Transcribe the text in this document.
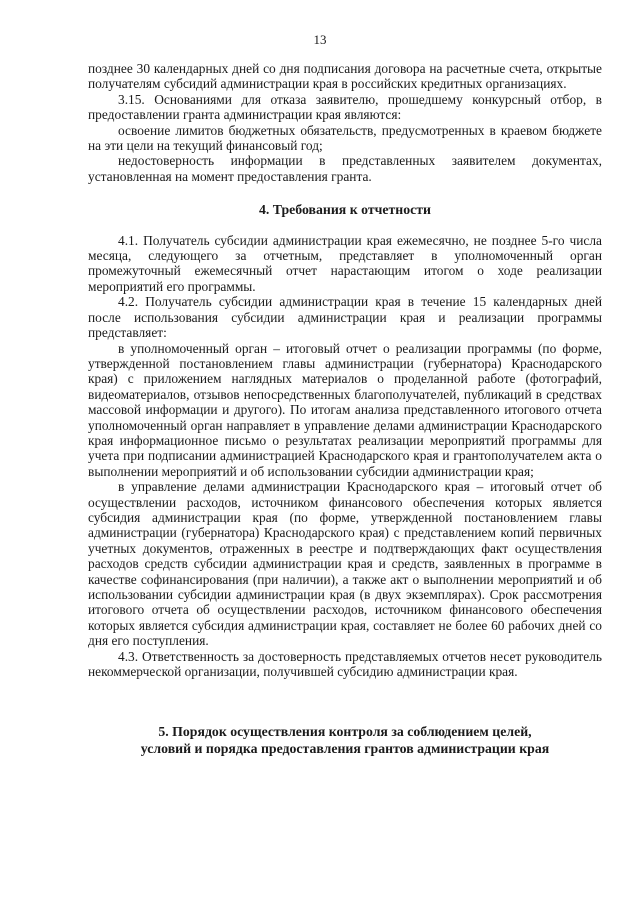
13

позднее 30 календарных дней со дня подписания договора на расчетные счета, открытые получателям субсидий администрации края в российских кредитных организациях.

3.15. Основаниями для отказа заявителю, прошедшему конкурсный отбор, в предоставлении гранта администрации края являются:

освоение лимитов бюджетных обязательств, предусмотренных в краевом бюджете на эти цели на текущий финансовый год;

недостоверность информации в представленных заявителем документах, установленная на момент предоставления гранта.

4. Требования к отчетности

4.1. Получатель субсидии администрации края ежемесячно, не позднее 5-го числа месяца, следующего за отчетным, представляет в уполномоченный орган промежуточный ежемесячный отчет нарастающим итогом о ходе реализации мероприятий его программы.

4.2. Получатель субсидии администрации края в течение 15 календарных дней после использования субсидии администрации края и реализации программы представляет:

в уполномоченный орган – итоговый отчет о реализации программы (по форме, утвержденной постановлением главы администрации (губернатора) Краснодарского края) с приложением наглядных материалов о проделанной работе (фотографий, видеоматериалов, отзывов непосредственных благополучателей, публикаций в средствах массовой информации и другого). По итогам анализа представленного итогового отчета уполномоченный орган направляет в управление делами администрации Краснодарского края информационное письмо о результатах реализации мероприятий программы для учета при подписании администрацией Краснодарского края и грантополучателем акта о выполнении мероприятий и об использовании субсидии администрации края;

в управление делами администрации Краснодарского края – итоговый отчет об осуществлении расходов, источником финансового обеспечения которых является субсидия администрации края (по форме, утвержденной постановлением главы администрации (губернатора) Краснодарского края) с представлением копий первичных учетных документов, отраженных в реестре и подтверждающих факт осуществления расходов средств субсидии администрации края и средств, заявленных в программе в качестве софинансирования (при наличии), а также акт о выполнении мероприятий и об использовании субсидии администрации края (в двух экземплярах). Срок рассмотрения итогового отчета об осуществлении расходов, источником финансового обеспечения которых является субсидия администрации края, составляет не более 60 рабочих дней со дня его поступления.

4.3. Ответственность за достоверность представляемых отчетов несет руководитель некоммерческой организации, получившей субсидию администрации края.

5. Порядок осуществления контроля за соблюдением целей,
условий и порядка предоставления грантов администрации края
